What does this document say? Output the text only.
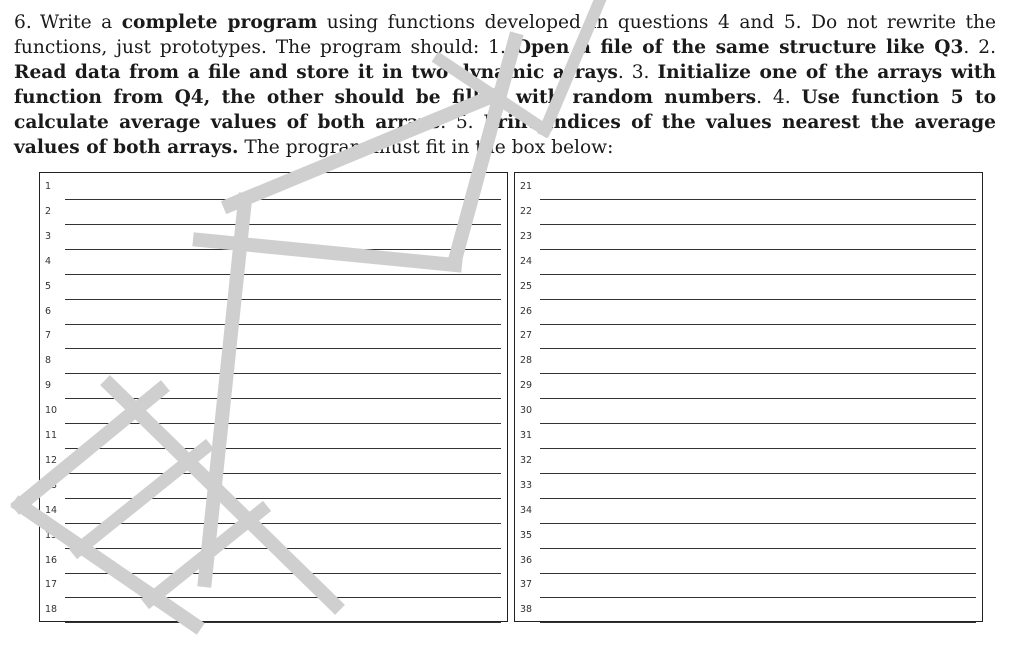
6. Write a complete program using functions developed in questions 4 and 5. Do not rewrite the functions, just prototypes. The program should: 1. Open a file of the same structure like Q3. 2. Read data from a file and store it in two dynamic arrays. 3. Initialize one of the arrays with function from Q4, the other should be filled with random numbers. 4. Use function 5 to calculate average values of both arrays. 5. Print indices of the values nearest the average values of both arrays. The program must fit in the box below:
1
2
3
4
5
6
7
8
9
10
11
12
13
14
15
16
17
18
21
22
23
24
25
26
27
28
29
30
31
32
33
34
35
36
37
38
